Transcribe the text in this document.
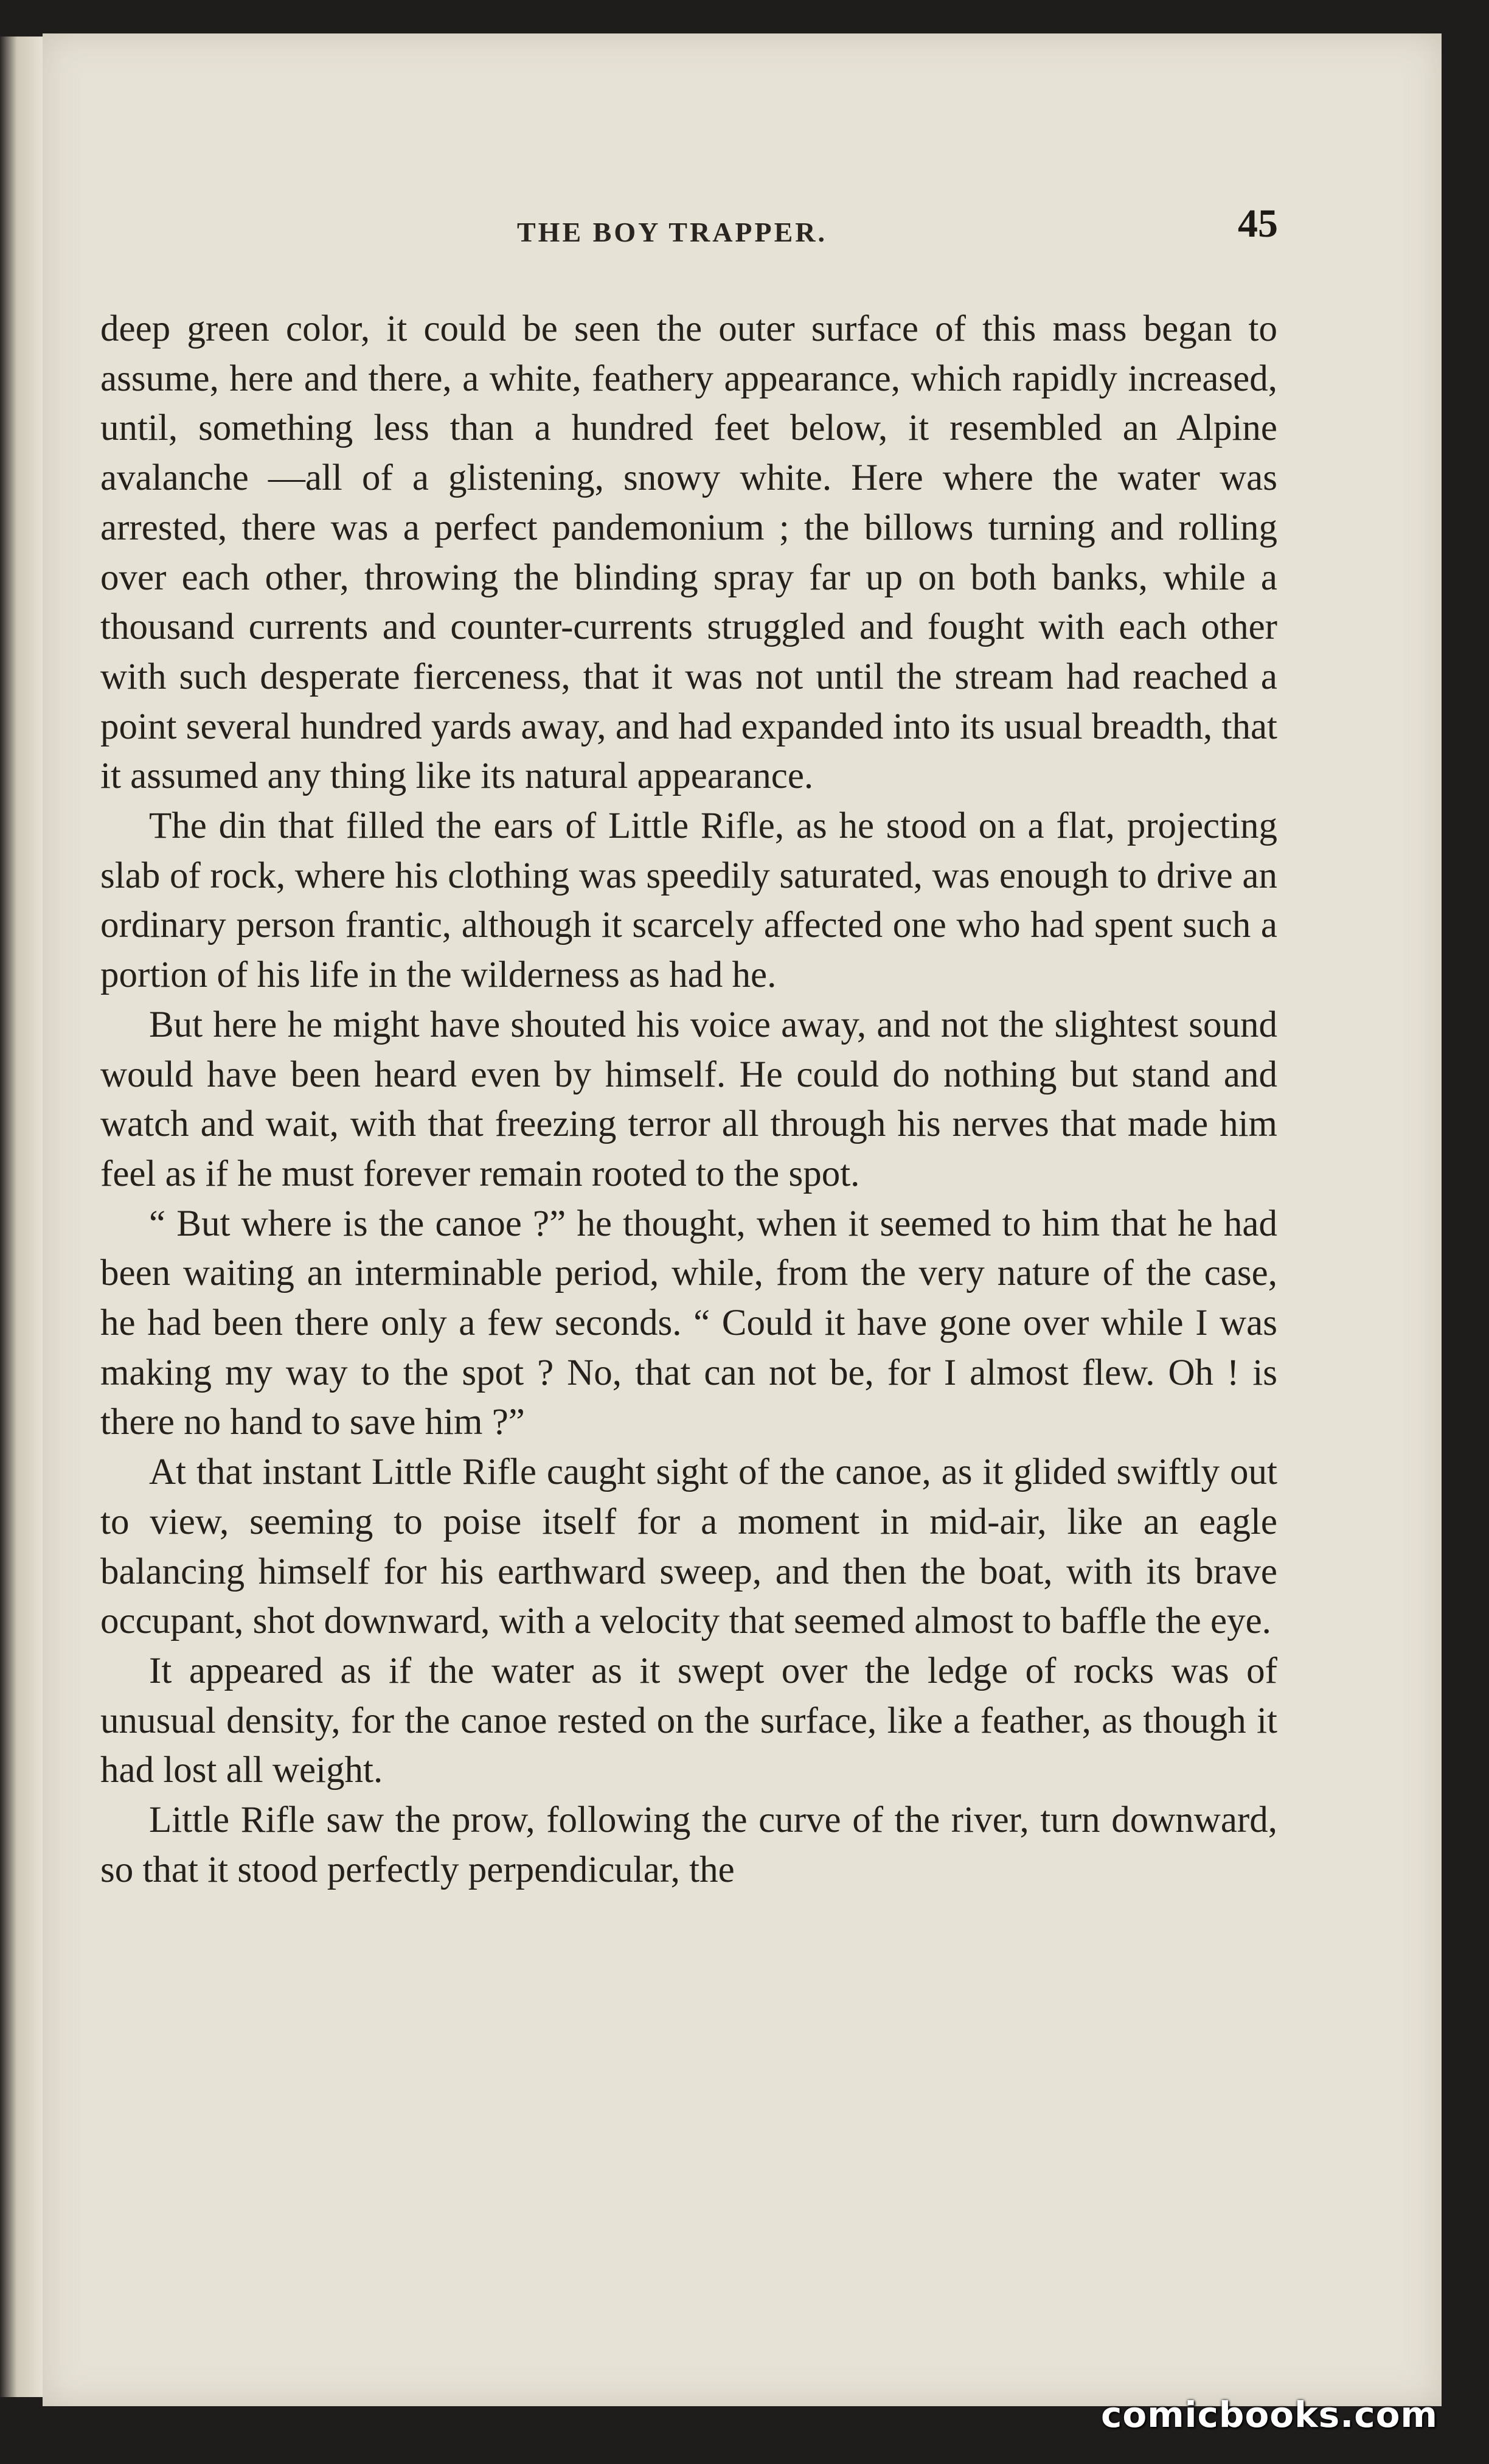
THE BOY TRAPPER.	45

deep green color, it could be seen the outer surface of this mass began to assume, here and there, a white, feathery appearance, which rapidly increased, until, something less than a hundred feet below, it resembled an Alpine avalanche —all of a glistening, snowy white. Here where the water was arrested, there was a perfect pandemonium ; the billows turning and rolling over each other, throwing the blinding spray far up on both banks, while a thousand currents and counter-currents struggled and fought with each other with such desperate fierceness, that it was not until the stream had reached a point several hundred yards away, and had expanded into its usual breadth, that it assumed any thing like its natural appearance.

The din that filled the ears of Little Rifle, as he stood on a flat, projecting slab of rock, where his clothing was speedily saturated, was enough to drive an ordinary person frantic, although it scarcely affected one who had spent such a portion of his life in the wilderness as had he.

But here he might have shouted his voice away, and not the slightest sound would have been heard even by himself. He could do nothing but stand and watch and wait, with that freezing terror all through his nerves that made him feel as if he must forever remain rooted to the spot.

“ But where is the canoe ?” he thought, when it seemed to him that he had been waiting an interminable period, while, from the very nature of the case, he had been there only a few seconds. “ Could it have gone over while I was making my way to the spot ? No, that can not be, for I almost flew. Oh ! is there no hand to save him ?”

At that instant Little Rifle caught sight of the canoe, as it glided swiftly out to view, seeming to poise itself for a moment in mid-air, like an eagle balancing himself for his earthward sweep, and then the boat, with its brave occupant, shot downward, with a velocity that seemed almost to baffle the eye.

It appeared as if the water as it swept over the ledge of rocks was of unusual density, for the canoe rested on the surface, like a feather, as though it had lost all weight.

Little Rifle saw the prow, following the curve of the river, turn downward, so that it stood perfectly perpendicular, the

comicbooks.com
